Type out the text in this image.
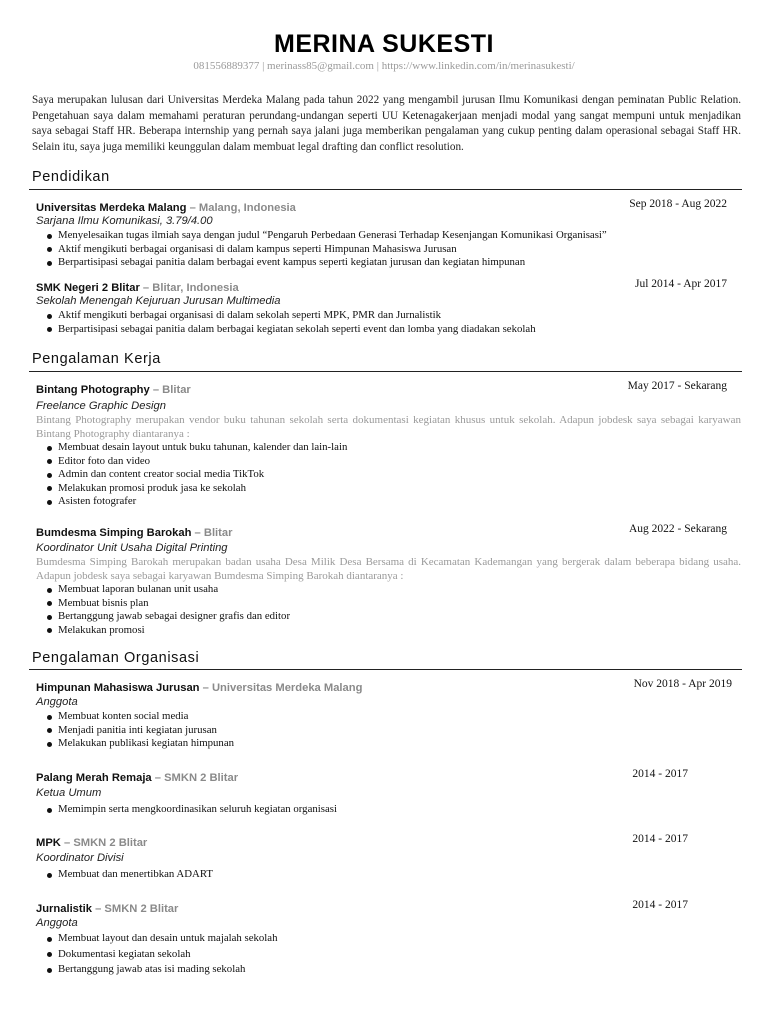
MERINA SUKESTI
081556889377 | merinass85@gmail.com | https://www.linkedin.com/in/merinasukesti/
Saya merupakan lulusan dari Universitas Merdeka Malang pada tahun 2022 yang mengambil jurusan Ilmu Komunikasi dengan peminatan Public Relation. Pengetahuan saya dalam memahami peraturan perundang-undangan seperti UU Ketenagakerjaan menjadi modal yang sangat mempuni untuk menjadikan saya sebagai Staff HR. Beberapa internship yang pernah saya jalani juga memberikan pengalaman yang cukup penting dalam operasional sebagai Staff HR. Selain itu, saya juga memiliki keunggulan dalam membuat legal drafting dan conflict resolution.
Pendidikan
Universitas Merdeka Malang – Malang, Indonesia	Sep 2018 - Aug 2022
Sarjana Ilmu Komunikasi, 3.79/4.00
Menyelesaikan tugas ilmiah saya dengan judul “Pengaruh Perbedaan Generasi Terhadap Kesenjangan Komunikasi Organisasi”
Aktif mengikuti berbagai organisasi di dalam kampus seperti Himpunan Mahasiswa Jurusan
Berpartisipasi sebagai panitia dalam berbagai event kampus seperti kegiatan jurusan dan kegiatan himpunan
SMK Negeri 2 Blitar – Blitar, Indonesia	Jul 2014 - Apr 2017
Sekolah Menengah Kejuruan Jurusan Multimedia
Aktif mengikuti berbagai organisasi di dalam sekolah seperti MPK, PMR dan Jurnalistik
Berpartisipasi sebagai panitia dalam berbagai kegiatan sekolah seperti event dan lomba yang diadakan sekolah
Pengalaman Kerja
Bintang Photography – Blitar	May 2017 - Sekarang
Freelance Graphic Design
Bintang Photography merupakan vendor buku tahunan sekolah serta dokumentasi kegiatan khusus untuk sekolah. Adapun jobdesk saya sebagai karyawan Bintang Photography diantaranya :
Membuat desain layout untuk buku tahunan, kalender dan lain-lain
Editor foto dan video
Admin dan content creator social media TikTok
Melakukan promosi produk jasa ke sekolah
Asisten fotografer
Bumdesma Simping Barokah – Blitar	Aug 2022 - Sekarang
Koordinator Unit Usaha Digital Printing
Bumdesma Simping Barokah merupakan badan usaha Desa Milik Desa Bersama di Kecamatan Kademangan yang bergerak dalam beberapa bidang usaha. Adapun jobdesk saya sebagai karyawan Bumdesma Simping Barokah diantaranya :
Membuat laporan bulanan unit usaha
Membuat bisnis plan
Bertanggung jawab sebagai designer grafis dan editor
Melakukan promosi
Pengalaman Organisasi
Himpunan Mahasiswa Jurusan – Universitas Merdeka Malang	Nov 2018 - Apr 2019
Anggota
Membuat konten social media
Menjadi panitia inti kegiatan jurusan
Melakukan publikasi kegiatan himpunan
Palang Merah Remaja – SMKN 2 Blitar	2014 - 2017
Ketua Umum
Memimpin serta mengkoordinasikan seluruh kegiatan organisasi
MPK – SMKN 2 Blitar	2014 - 2017
Koordinator Divisi
Membuat dan menertibkan ADART
Jurnalistik – SMKN 2 Blitar	2014 - 2017
Anggota
Membuat layout dan desain untuk majalah sekolah
Dokumentasi kegiatan sekolah
Bertanggung jawab atas isi mading sekolah
